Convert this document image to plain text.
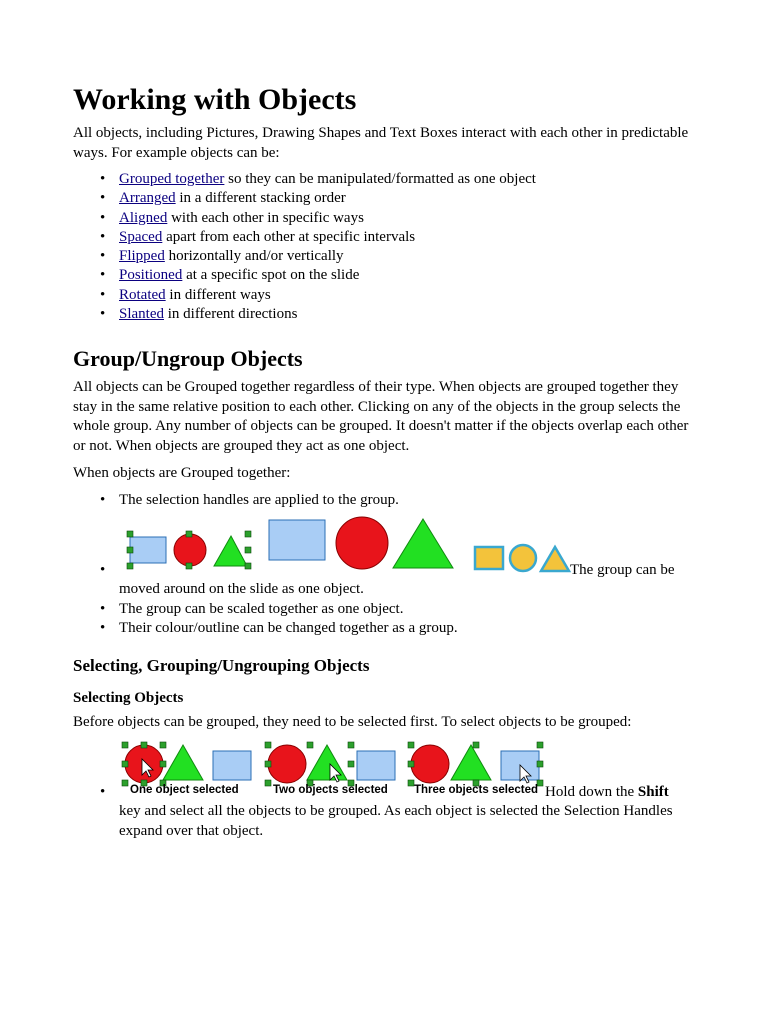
Working with Objects

All objects, including Pictures, Drawing Shapes and Text Boxes interact with each other in predictable ways. For example objects can be:

• Grouped together so they can be manipulated/formatted as one object
• Arranged in a different stacking order
• Aligned with each other in specific ways
• Spaced apart from each other at specific intervals
• Flipped horizontally and/or vertically
• Positioned at a specific spot on the slide
• Rotated in different ways
• Slanted in different directions
Group/Ungroup Objects

All objects can be Grouped together regardless of their type. When objects are grouped together they stay in the same relative position to each other. Clicking on any of the objects in the group selects the whole group. Any number of objects can be grouped. It doesn't matter if the objects overlap each other or not. When objects are grouped they act as one object.

When objects are Grouped together:

• The selection handles are applied to the group.
•	The group can be
moved around on the slide as one object.
• The group can be scaled together as one object.
• Their colour/outline can be changed together as a group.
Selecting, Grouping/Ungrouping Objects
Selecting Objects

Before objects can be grouped, they need to be selected first. To select objects to be grouped:

One object selected	Two objects selected Three objects selected
•	Hold down the Shift
key and select all the objects to be grouped. As each object is selected the Selection Handles
expand over that object.
